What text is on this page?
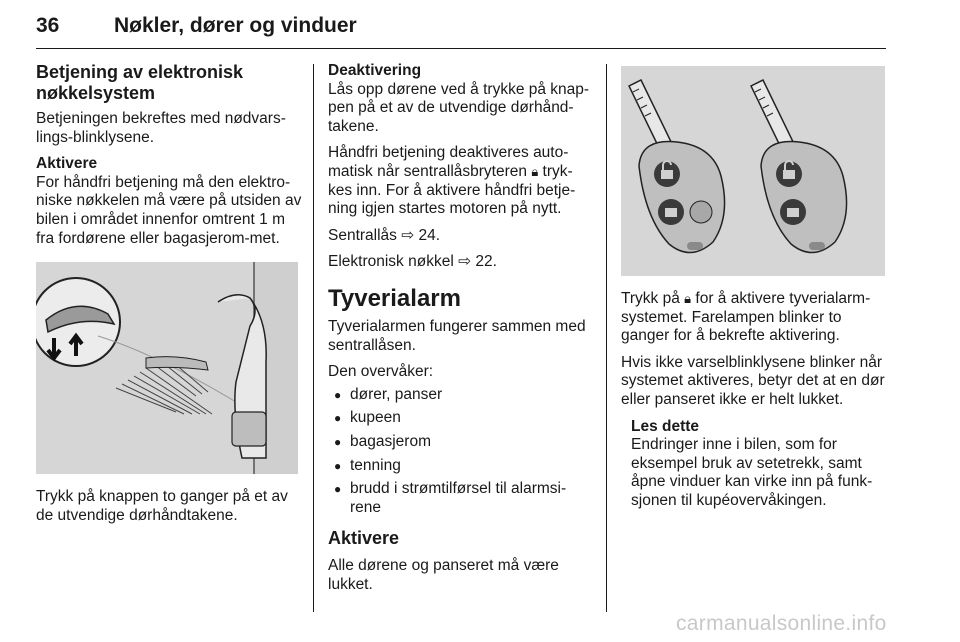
36	Nøkler, dører og vinduer
Betjening av elektronisk nøkkelsystem

Betjeningen bekreftes med nødvars-lings-blinklysene.

Aktivere

For håndfri betjening må den elektro-niske nøkkelen må være på utsiden av bilen i området innenfor omtrent 1 m fra fordørene eller bagasjerom-met.

Trykk på knappen to ganger på et av de utvendige dørhåndtakene.

Deaktivering

Lås opp dørene ved å trykke på knap-pen på et av de utvendige dørhånd-takene.

Håndfri betjening deaktiveres auto-matisk når sentrallåsbryteren 🔒︎ tryk-kes inn. For å aktivere håndfri betje-ning igjen startes motoren på nytt.

Sentrallås ⇨ 24.

Elektronisk nøkkel ⇨ 22.

Tyverialarm

Tyverialarmen fungerer sammen med sentrallåsen.

Den overvåker:

● dører, panser
● kupeen
● bagasjerom
● tenning
● brudd i strømtilførsel til alarmsi-rene
Aktivere

Alle dørene og panseret må være lukket.

Trykk på 🔒︎ for å aktivere tyverialarm-systemet. Farelampen blinker to ganger for å bekrefte aktivering.

Hvis ikke varselblinklysene blinker når systemet aktiveres, betyr det at en dør eller panseret ikke er helt lukket.

Les dette

Endringer inne i bilen, som for eksempel bruk av setetrekk, samt åpne vinduer kan virke inn på funk-sjonen til kupéovervåkingen.

carmanualsonline.info
